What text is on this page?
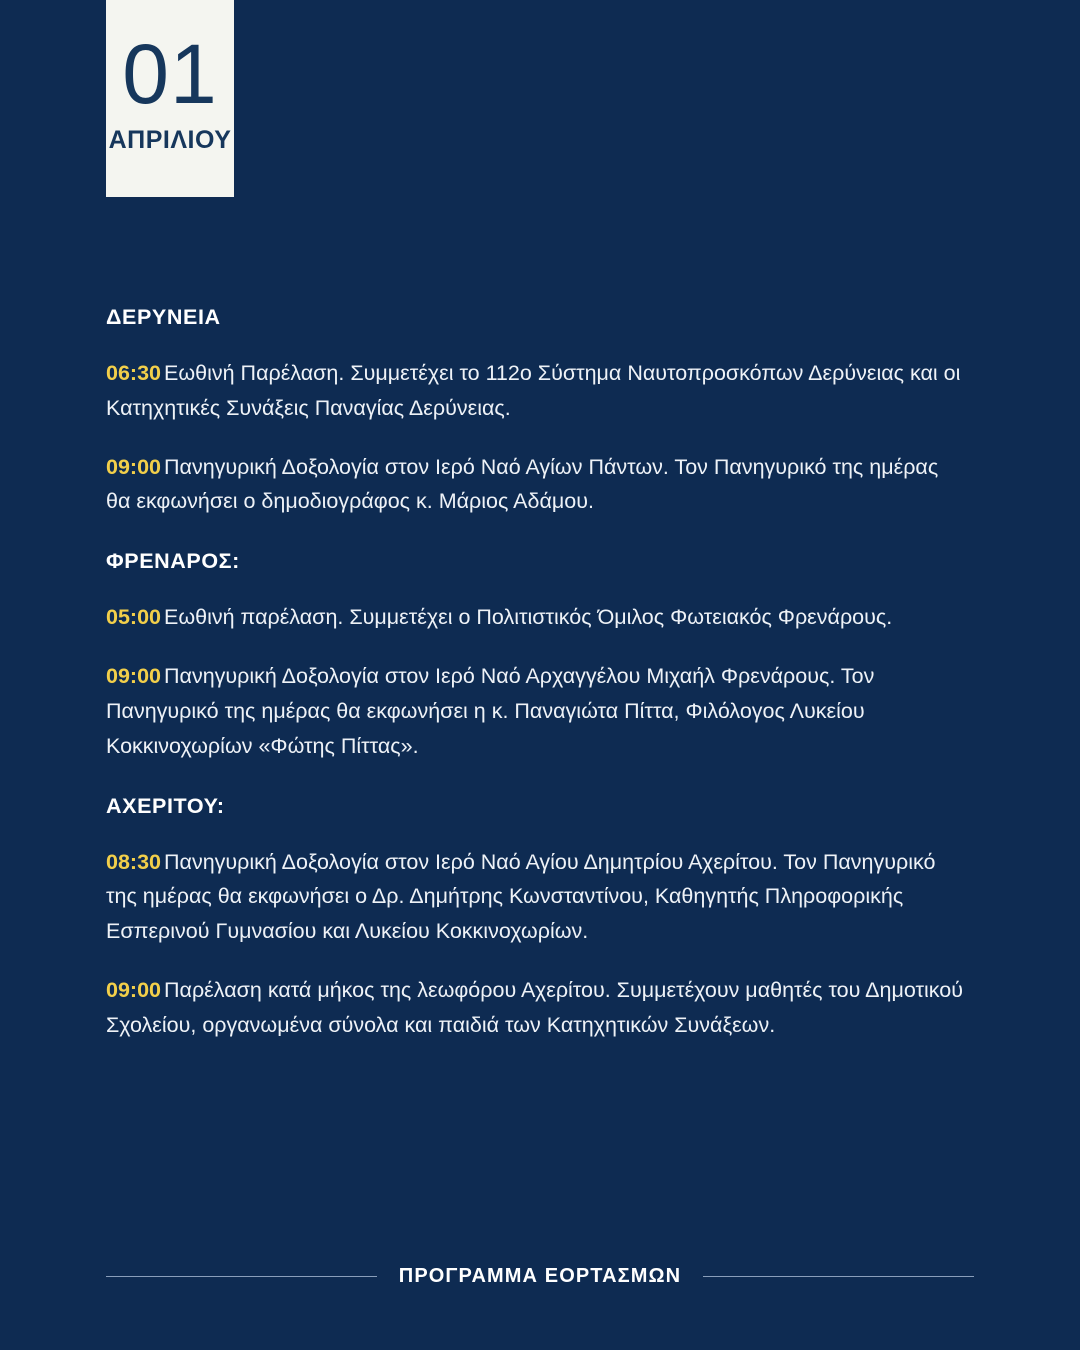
01
ΑΠΡΙΛΙΟΥ
ΔΕΡΥΝΕΙΑ

06:30 Εωθινή Παρέλαση. Συμμετέχει το 112ο Σύστημα Ναυτοπροσκόπων Δερύνειας και οι Κατηχητικές Συνάξεις Παναγίας Δερύνειας.

09:00 Πανηγυρική Δοξολογία στον Ιερό Ναό Αγίων Πάντων. Τον Πανηγυρικό της ημέρας θα εκφωνήσει ο δημοδιογράφος κ. Μάριος Αδάμου.

ΦΡΕΝΑΡΟΣ:

05:00 Εωθινή παρέλαση. Συμμετέχει ο Πολιτιστικός Όμιλος Φωτειακός Φρενάρους.

09:00 Πανηγυρική Δοξολογία στον Ιερό Ναό Αρχαγγέλου Μιχαήλ Φρενάρους. Τον Πανηγυρικό της ημέρας θα εκφωνήσει η κ. Παναγιώτα Πίττα, Φιλόλογος Λυκείου Κοκκινοχωρίων «Φώτης Πίττας».

ΑΧΕΡΙΤΟΥ:

08:30 Πανηγυρική Δοξολογία στον Ιερό Ναό Αγίου Δημητρίου Αχερίτου. Τον Πανηγυρικό της ημέρας θα εκφωνήσει ο Δρ. Δημήτρης Κωνσταντίνου, Καθηγητής Πληροφορικής Εσπερινού Γυμνασίου και Λυκείου Κοκκινοχωρίων.

09:00 Παρέλαση κατά μήκος της λεωφόρου Αχερίτου. Συμμετέχουν μαθητές του Δημοτικού Σχολείου, οργανωμένα σύνολα και παιδιά των Κατηχητικών Συνάξεων.

ΠΡΟΓΡΑΜΜΑ ΕΟΡΤΑΣΜΩΝ
